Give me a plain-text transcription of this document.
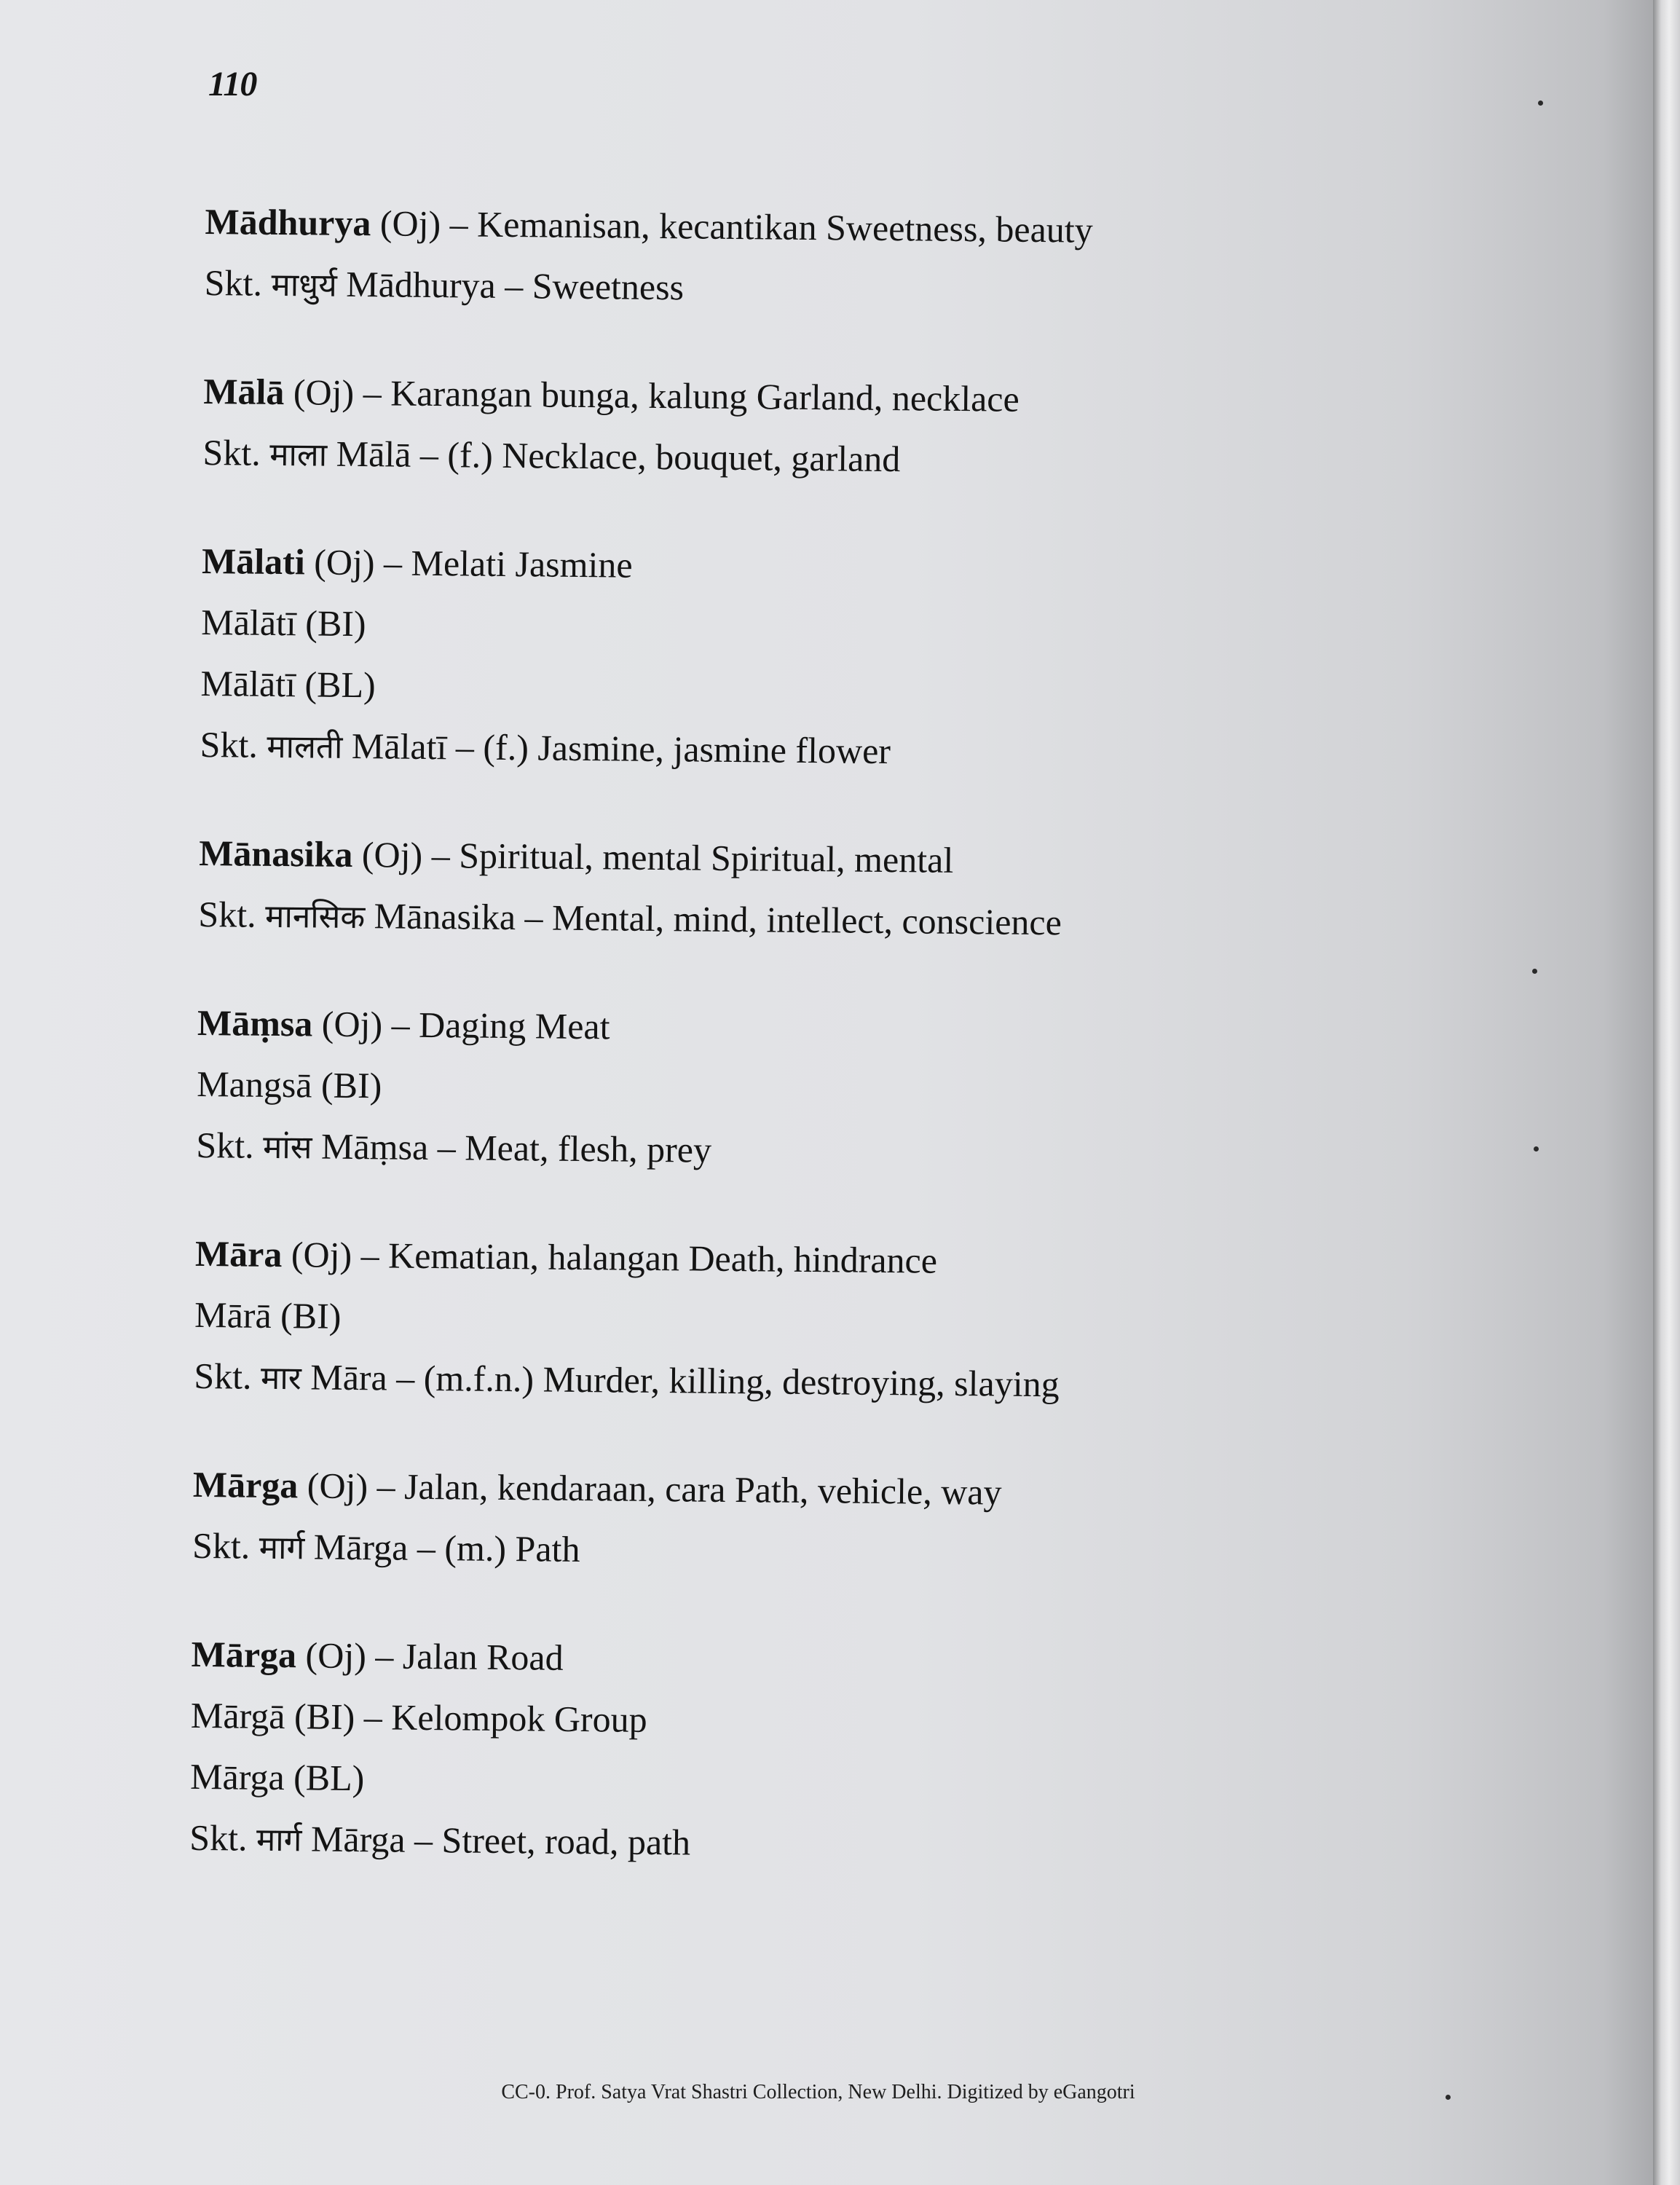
110
Mādhurya (Oj) – Kemanisan, kecantikan Sweetness, beauty
Skt. माधुर्य Mādhurya – Sweetness
Mālā (Oj) – Karangan bunga, kalung Garland, necklace
Skt. माला Mālā – (f.) Necklace, bouquet, garland
Mālati (Oj) – Melati Jasmine
Mālātī (BI)
Mālātī (BL)
Skt. मालती Mālatī – (f.) Jasmine, jasmine flower
Mānasika (Oj) – Spiritual, mental Spiritual, mental
Skt. मानसिक Mānasika – Mental, mind, intellect, conscience
Māṃsa (Oj) – Daging Meat
Mangsā (BI)
Skt. मांस Māṃsa – Meat, flesh, prey
Māra (Oj) – Kematian, halangan Death, hindrance
Mārā (BI)
Skt. मार Māra – (m.f.n.) Murder, killing, destroying, slaying
Mārga (Oj) – Jalan, kendaraan, cara Path, vehicle, way
Skt. मार्ग Mārga – (m.) Path
Mārga (Oj) – Jalan Road
Mārgā (BI) – Kelompok Group
Mārga (BL)
Skt. मार्ग Mārga – Street, road, path
CC-0. Prof. Satya Vrat Shastri Collection, New Delhi. Digitized by eGangotri
